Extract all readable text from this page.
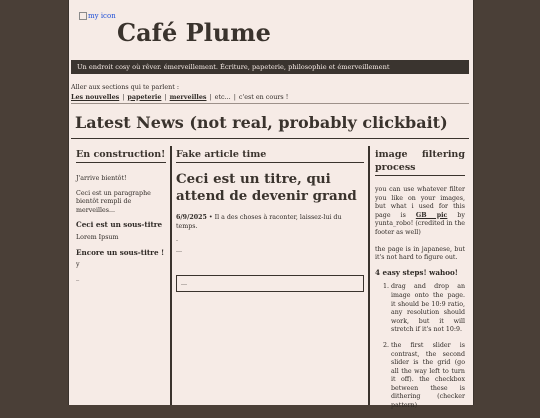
my icon
Café Plume
Un endroit cosy où rêver. émerveillement. Écriture, papeterie, philosophie et émerveillement
Aller aux sections qui te parlent :
Les nouvelles | papeterie | merveilles | etc... | c'est en cours !
Latest News (not real, probably clickbait)
En construction!

J'arrive bientôt!

Ceci est un paragraphe bientôt rempli de merveilles...

Ceci est un sous-titre

Lorem Ipsum

Encore un sous-titre !

y

_

Fake article time

Ceci est un titre, qui attend de devenir grand

6/9/2025 • Il a des choses à raconter, laissez-lui du temps.

.

...

...
image filtering process

you can use whatever filter you like on your images, but what i used for this page is GB pic by yunta_robo! (credited in the footer as well)

the page is in japanese, but it's not hard to figure out.

4 easy steps! wahoo!

1. drag and drop an image onto the page. it should be 10:9 ratio, any resolution should work, but it will stretch if it's not 10:9.
2. the first slider is contrast, the second slider is the grid (go all the way left to turn it off). the checkbox between these is dithering (checker pattern)
